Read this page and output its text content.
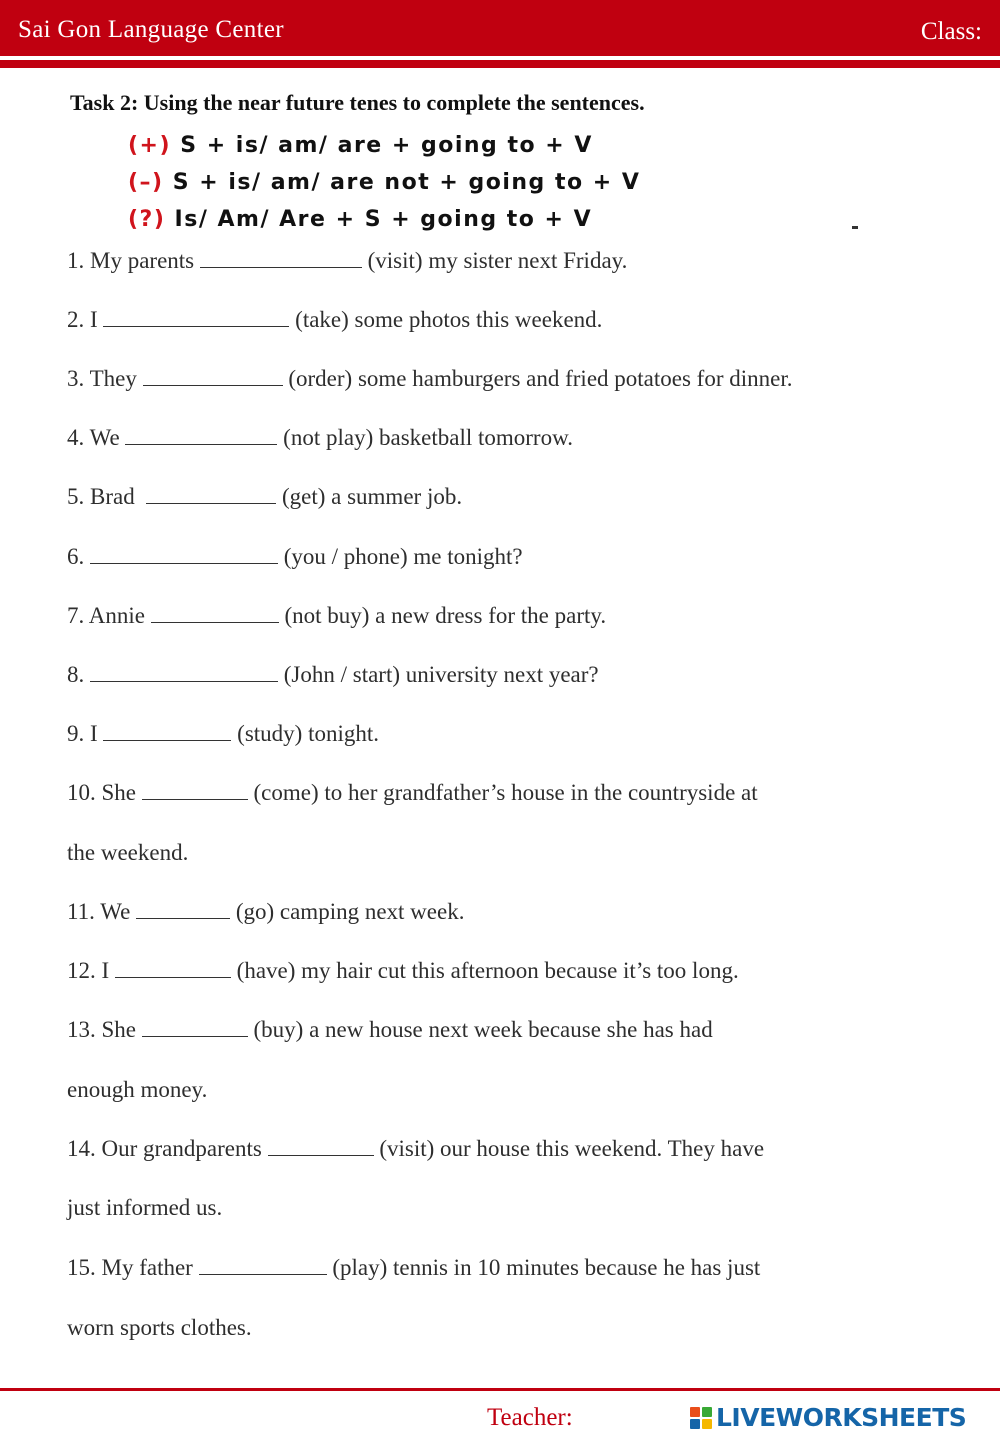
Sai Gon Language Center	Class:
Task 2: Using the near future tenes to complete the sentences.
(+) S + is/ am/ are + going to + V
(–) S + is/ am/ are not + going to + V
(?) Is/ Am/ Are + S + going to + V
1. My parents	(visit) my sister next Friday.
2. I	(take) some photos this weekend.
3. They	(order) some hamburgers and fried potatoes for dinner.
4. We	(not play) basketball tomorrow.
5. Brad	(get) a summer job.
6.	(you / phone) me tonight?
7. Annie	(not buy) a new dress for the party.
8.	(John / start) university next year?
9. I	(study) tonight.
10. She	(come) to her grandfather’s house in the countryside at
the weekend.
11. We	(go) camping next week.
12. I	(have) my hair cut this afternoon because it’s too long.
13. She	(buy) a new house next week because she has had
enough money.
14. Our grandparents	(visit) our house this weekend. They have
just informed us.
15. My father	(play) tennis in 10 minutes because he has just
worn sports clothes.
Teacher:	LIVEWORKSHEETS
